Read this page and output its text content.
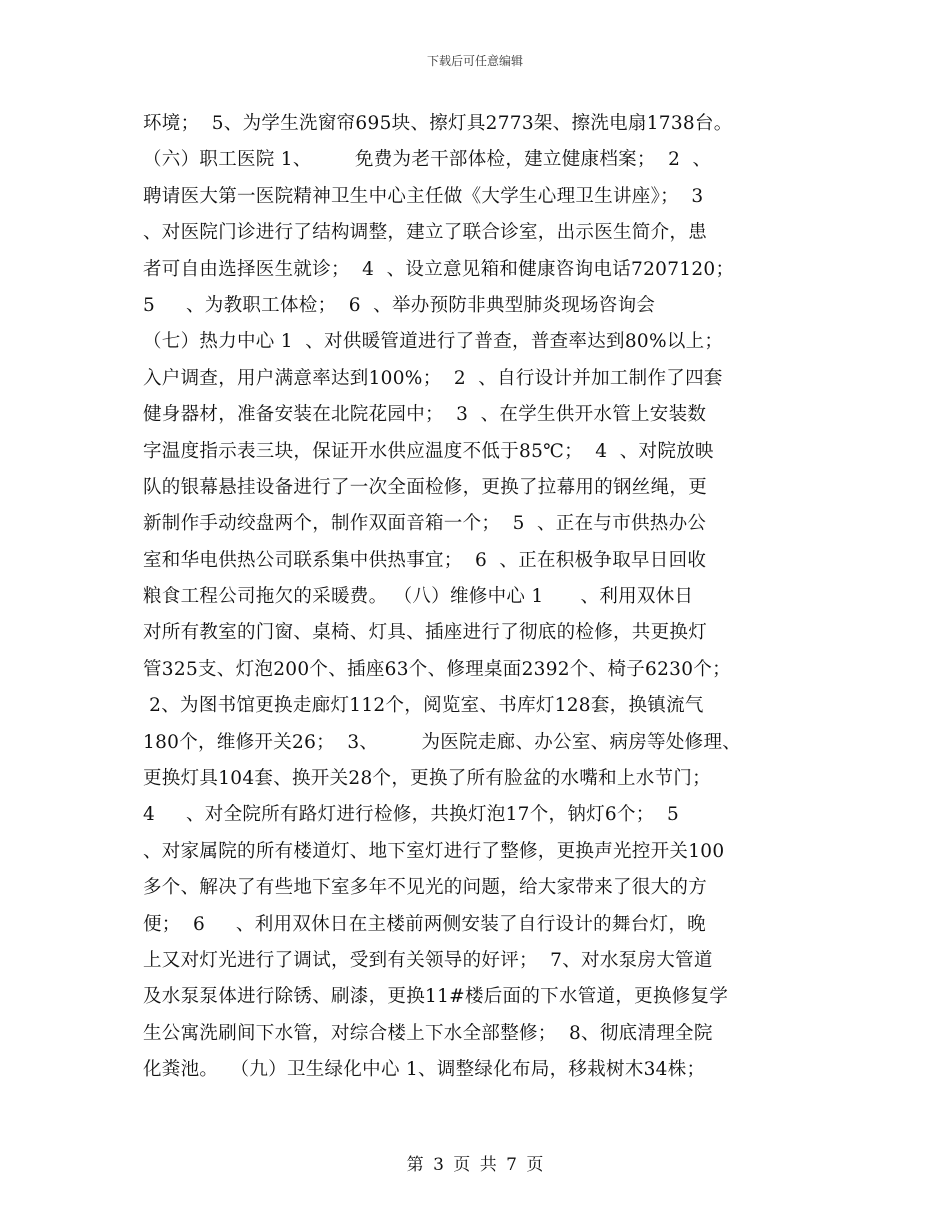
下载后可任意编辑
环境；  5、为学生洗窗帘695块、擦灯具2773架、擦洗电扇1738台。
（六）职工医院 1、       免费为老干部体检，建立健康档案；  2  、
聘请医大第一医院精神卫生中心主任做《大学生心理卫生讲座》；  3
、对医院门诊进行了结构调整，建立了联合诊室，出示医生简介，患
者可自由选择医生就诊；  4  、设立意见箱和健康咨询电话7207120；
5     、为教职工体检；  6  、举办预防非典型肺炎现场咨询会
（七）热力中心 1  、对供暖管道进行了普查，普查率达到80%以上；
入户调查，用户满意率达到100%；  2  、自行设计并加工制作了四套
健身器材，准备安装在北院花园中；  3  、在学生供开水管上安装数
字温度指示表三块，保证开水供应温度不低于85℃；  4  、对院放映
队的银幕悬挂设备进行了一次全面检修，更换了拉幕用的钢丝绳，更
新制作手动绞盘两个，制作双面音箱一个；  5  、正在与市供热办公
室和华电供热公司联系集中供热事宜；  6  、正在积极争取早日回收
粮食工程公司拖欠的采暖费。 （八）维修中心 1      、利用双休日
对所有教室的门窗、桌椅、灯具、插座进行了彻底的检修，共更换灯
管325支、灯泡200个、插座63个、修理桌面2392个、椅子6230个；
2、为图书馆更换走廊灯112个，阅览室、书库灯128套，换镇流气
180个，维修开关26；  3、       为医院走廊、办公室、病房等处修理、
更换灯具104套、换开关28个，更换了所有脸盆的水嘴和上水节门；
4     、对全院所有路灯进行检修，共换灯泡17个，钠灯6个；  5
、对家属院的所有楼道灯、地下室灯进行了整修，更换声光控开关100
多个、解决了有些地下室多年不见光的问题，给大家带来了很大的方
便；  6     、利用双休日在主楼前两侧安装了自行设计的舞台灯，晚
上又对灯光进行了调试，受到有关领导的好评；  7、对水泵房大管道
及水泵泵体进行除锈、刷漆，更换11#楼后面的下水管道，更换修复学
生公寓洗刷间下水管，对综合楼上下水全部整修；  8、彻底清理全院
化粪池。  （九）卫生绿化中心 1、调整绿化布局，移栽树木34株；
第 3 页 共 7 页
